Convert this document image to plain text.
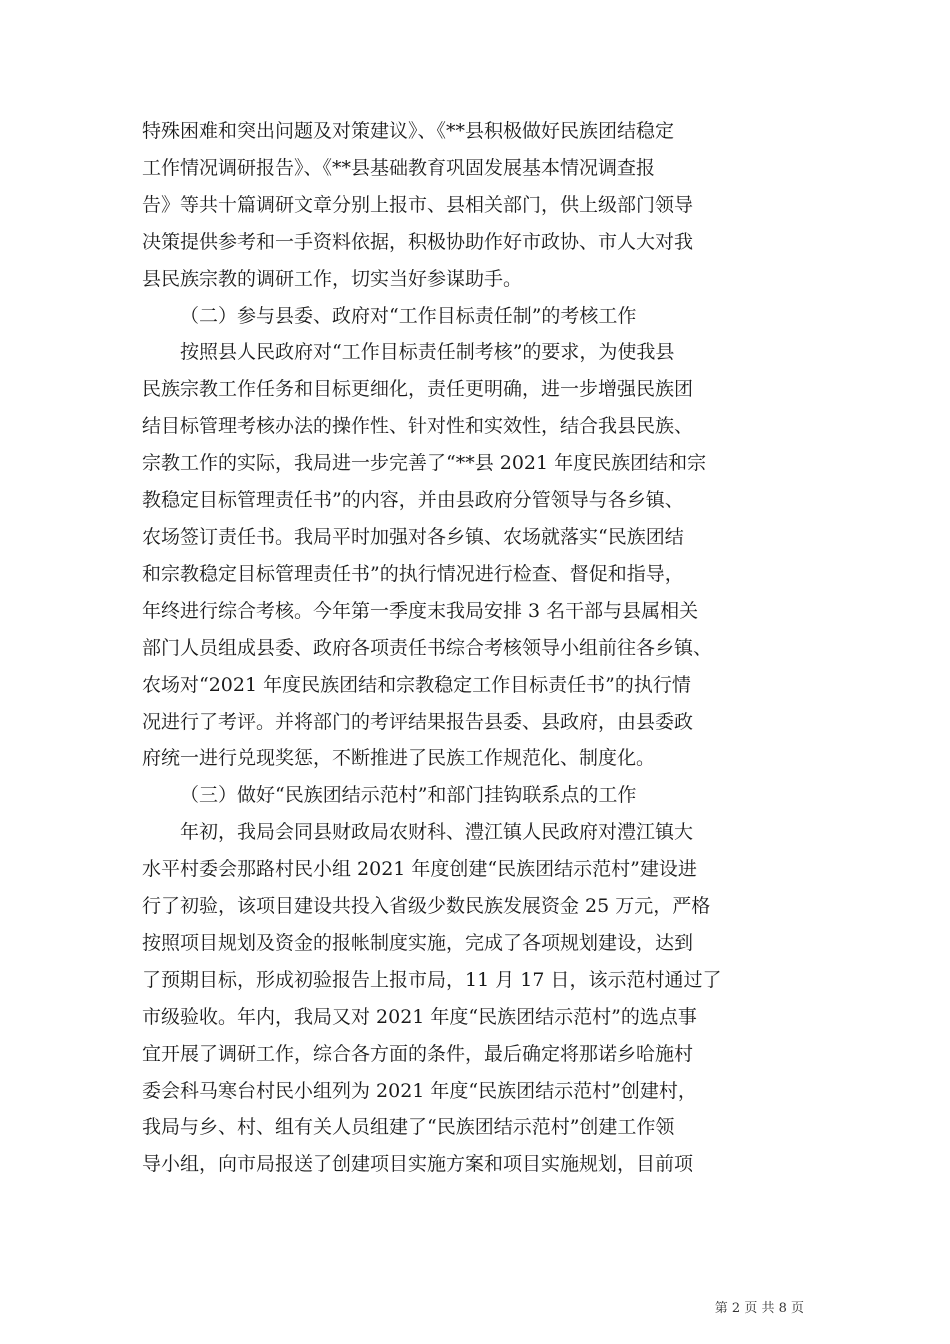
特殊困难和突出问题及对策建议》、《**县积极做好民族团结稳定

工作情况调研报告》、《**县基础教育巩固发展基本情况调查报

告》等共十篇调研文章分别上报市、县相关部门，供上级部门领导

决策提供参考和一手资料依据，积极协助作好市政协、市人大对我

县民族宗教的调研工作，切实当好参谋助手。

（二）参与县委、政府对“工作目标责任制”的考核工作

按照县人民政府对“工作目标责任制考核”的要求，为使我县

民族宗教工作任务和目标更细化，责任更明确，进一步增强民族团

结目标管理考核办法的操作性、针对性和实效性，结合我县民族、

宗教工作的实际，我局进一步完善了“**县 2021 年度民族团结和宗

教稳定目标管理责任书”的内容，并由县政府分管领导与各乡镇、

农场签订责任书。我局平时加强对各乡镇、农场就落实“民族团结

和宗教稳定目标管理责任书”的执行情况进行检查、督促和指导，

年终进行综合考核。今年第一季度末我局安排 3 名干部与县属相关

部门人员组成县委、政府各项责任书综合考核领导小组前往各乡镇、

农场对“2021 年度民族团结和宗教稳定工作目标责任书”的执行情

况进行了考评。并将部门的考评结果报告县委、县政府，由县委政

府统一进行兑现奖惩，不断推进了民族工作规范化、制度化。

（三）做好“民族团结示范村”和部门挂钩联系点的工作

年初，我局会同县财政局农财科、澧江镇人民政府对澧江镇大

水平村委会那路村民小组 2021 年度创建“民族团结示范村”建设进

行了初验，该项目建设共投入省级少数民族发展资金 25 万元，严格

按照项目规划及资金的报帐制度实施，完成了各项规划建设，达到

了预期目标，形成初验报告上报市局，11 月 17 日，该示范村通过了

市级验收。年内，我局又对 2021 年度“民族团结示范村”的选点事

宜开展了调研工作，综合各方面的条件，最后确定将那诺乡哈施村

委会科马寒台村民小组列为 2021 年度“民族团结示范村”创建村，

我局与乡、村、组有关人员组建了“民族团结示范村”创建工作领

导小组，向市局报送了创建项目实施方案和项目实施规划，目前项

第 2 页 共 8 页
